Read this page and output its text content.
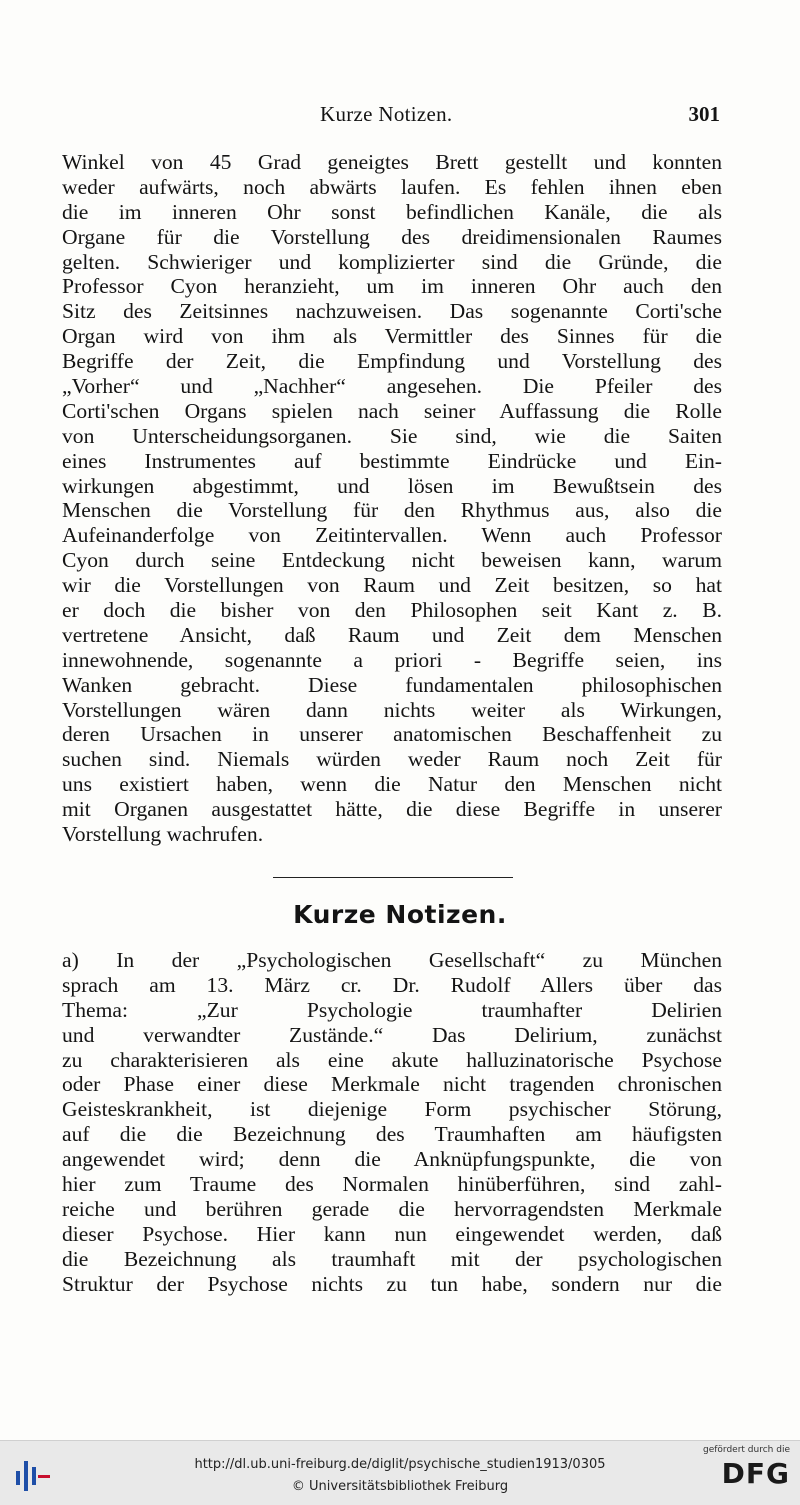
Kurze Notizen.	301
Winkel von 45 Grad geneigtes Brett gestellt und konnten
weder aufwärts, noch abwärts laufen. Es fehlen ihnen eben
die im inneren Ohr sonst befindlichen Kanäle, die als
Organe für die Vorstellung des dreidimensionalen Raumes
gelten. Schwieriger und komplizierter sind die Gründe, die
Professor Cyon heranzieht, um im inneren Ohr auch den
Sitz des Zeitsinnes nachzuweisen. Das sogenannte Corti'sche
Organ wird von ihm als Vermittler des Sinnes für die
Begriffe der Zeit, die Empfindung und Vorstellung des
„Vorher“ und „Nachher“ angesehen. Die Pfeiler des
Corti'schen Organs spielen nach seiner Auffassung die Rolle
von Unterscheidungsorganen. Sie sind, wie die Saiten
eines Instrumentes auf bestimmte Eindrücke und Ein-
wirkungen abgestimmt, und lösen im Bewußtsein des
Menschen die Vorstellung für den Rhythmus aus, also die
Aufeinanderfolge von Zeitintervallen. Wenn auch Professor
Cyon durch seine Entdeckung nicht beweisen kann, warum
wir die Vorstellungen von Raum und Zeit besitzen, so hat
er doch die bisher von den Philosophen seit Kant z. B.
vertretene Ansicht, daß Raum und Zeit dem Menschen
innewohnende, sogenannte a priori - Begriffe seien, ins
Wanken gebracht. Diese fundamentalen philosophischen
Vorstellungen wären dann nichts weiter als Wirkungen,
deren Ursachen in unserer anatomischen Beschaffenheit zu
suchen sind. Niemals würden weder Raum noch Zeit für
uns existiert haben, wenn die Natur den Menschen nicht
mit Organen ausgestattet hätte, die diese Begriffe in unserer
Vorstellung wachrufen.
Kurze Notizen.
a) In der „Psychologischen Gesellschaft“ zu München
sprach am 13. März cr. Dr. Rudolf Allers über das
Thema: „Zur Psychologie traumhafter Delirien
und verwandter Zustände.“ Das Delirium, zunächst
zu charakterisieren als eine akute halluzinatorische Psychose
oder Phase einer diese Merkmale nicht tragenden chronischen
Geisteskrankheit, ist diejenige Form psychischer Störung,
auf die die Bezeichnung des Traumhaften am häufigsten
angewendet wird; denn die Anknüpfungspunkte, die von
hier zum Traume des Normalen hinüberführen, sind zahl-
reiche und berühren gerade die hervorragendsten Merkmale
dieser Psychose. Hier kann nun eingewendet werden, daß
die Bezeichnung als traumhaft mit der psychologischen
Struktur der Psychose nichts zu tun habe, sondern nur die
http://dl.ub.uni-freiburg.de/diglit/psychische_studien1913/0305
© Universitätsbibliothek Freiburg
gefördert durch die
DFG
